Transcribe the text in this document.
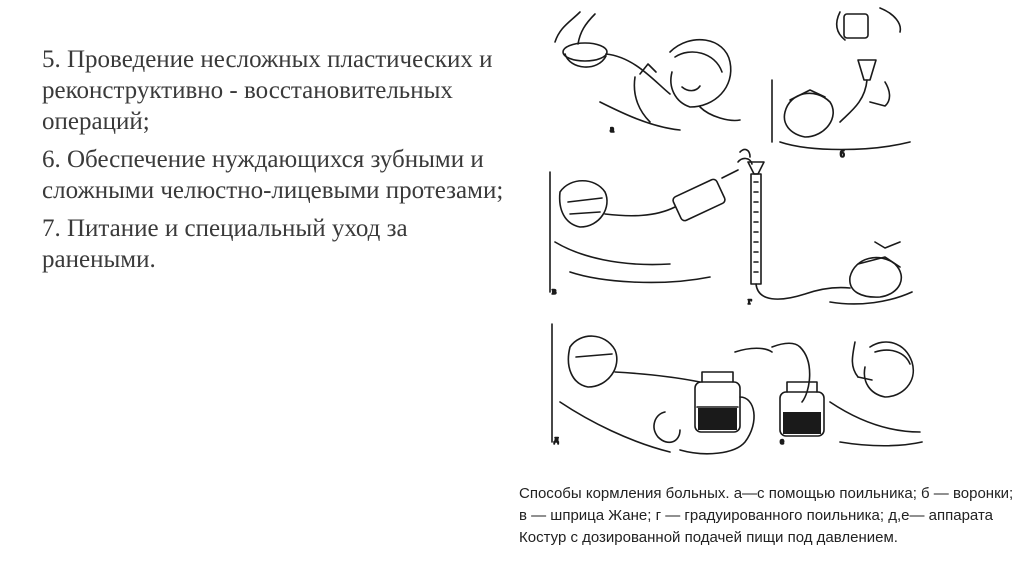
5. Проведение несложных пластических и реконструктивно - восстановительных операций;
6. Обеспечение нуждающихся зубными и сложными челюстно-лицевыми протезами;
7. Питание и специальный уход за ранеными.
а
б
в
г
д	е
Способы кормления больных. а—с помощью поильника; б — воронки; в — шприца Жане; г — градуированного поильника; д,е— аппарата Костур с дозированной подачей пищи под давлением.
